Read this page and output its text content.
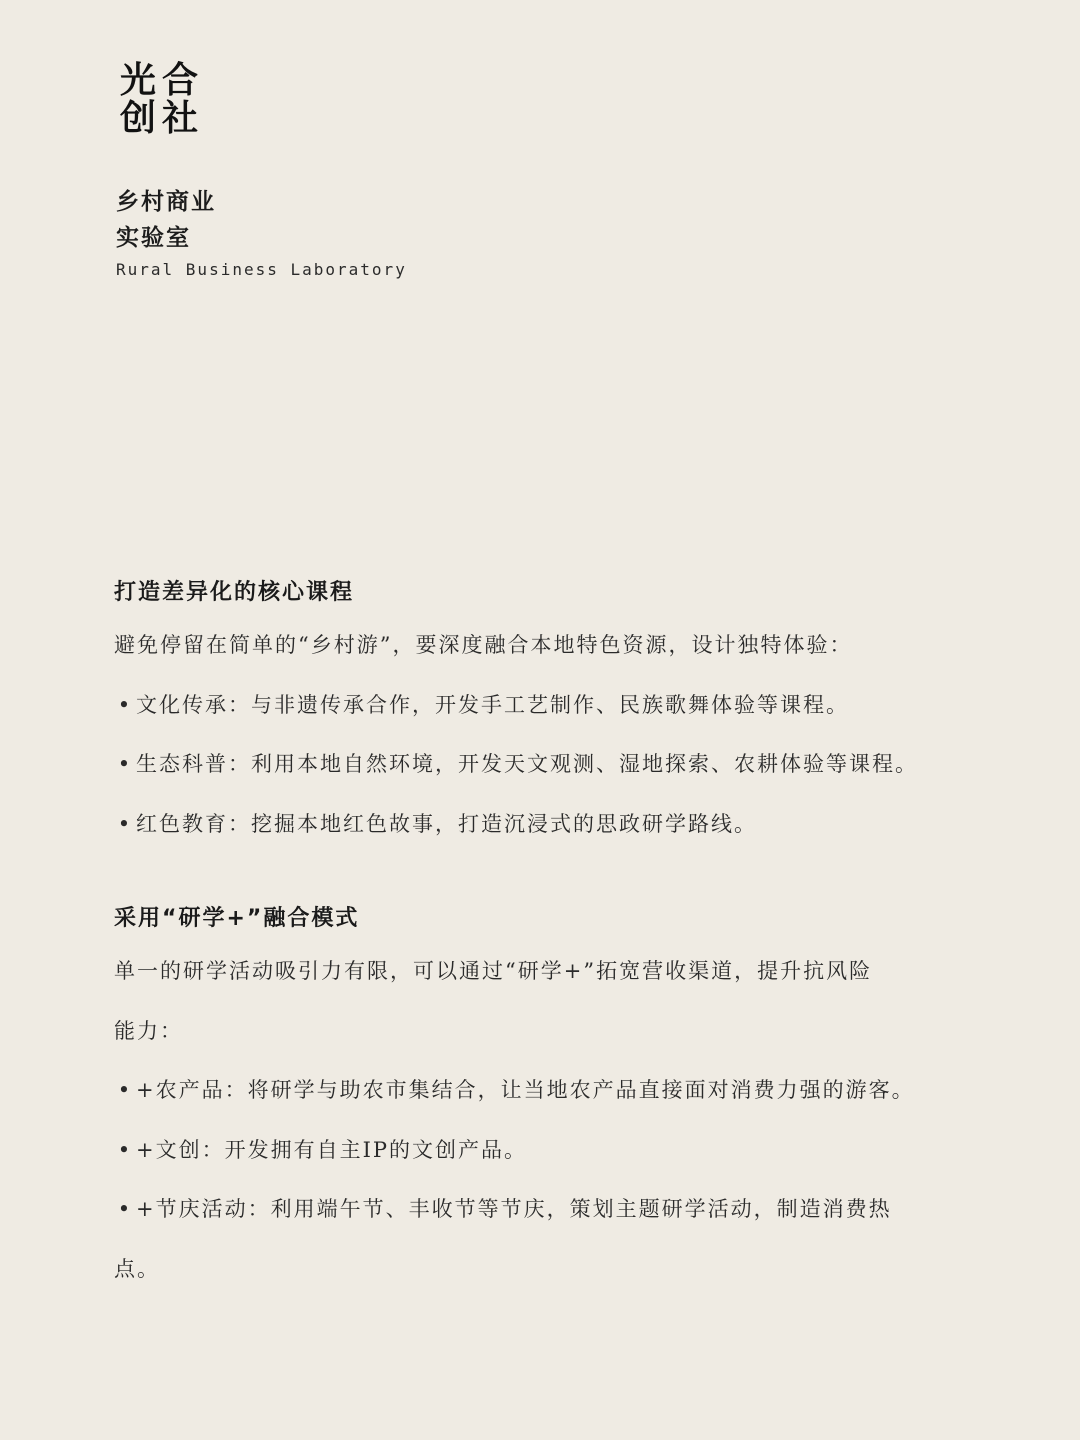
光 合
创 社
乡村商业
实验室
Rural Business Laboratory
打造差异化的核心课程

避免停留在简单的“乡村游”，要深度融合本地特色资源，设计独特体验：

• 文化传承：与非遗传承合作，开发手工艺制作、民族歌舞体验等课程。

• 生态科普：利用本地自然环境，开发天文观测、湿地探索、农耕体验等课程。

• 红色教育：挖掘本地红色故事，打造沉浸式的思政研学路线。

采用“研学+”融合模式

单一的研学活动吸引力有限，可以通过“研学+”拓宽营收渠道，提升抗风险

能力：

• +农产品：将研学与助农市集结合，让当地农产品直接面对消费力强的游客。

• +文创：开发拥有自主IP的文创产品。

• +节庆活动：利用端午节、丰收节等节庆，策划主题研学活动，制造消费热

点。
